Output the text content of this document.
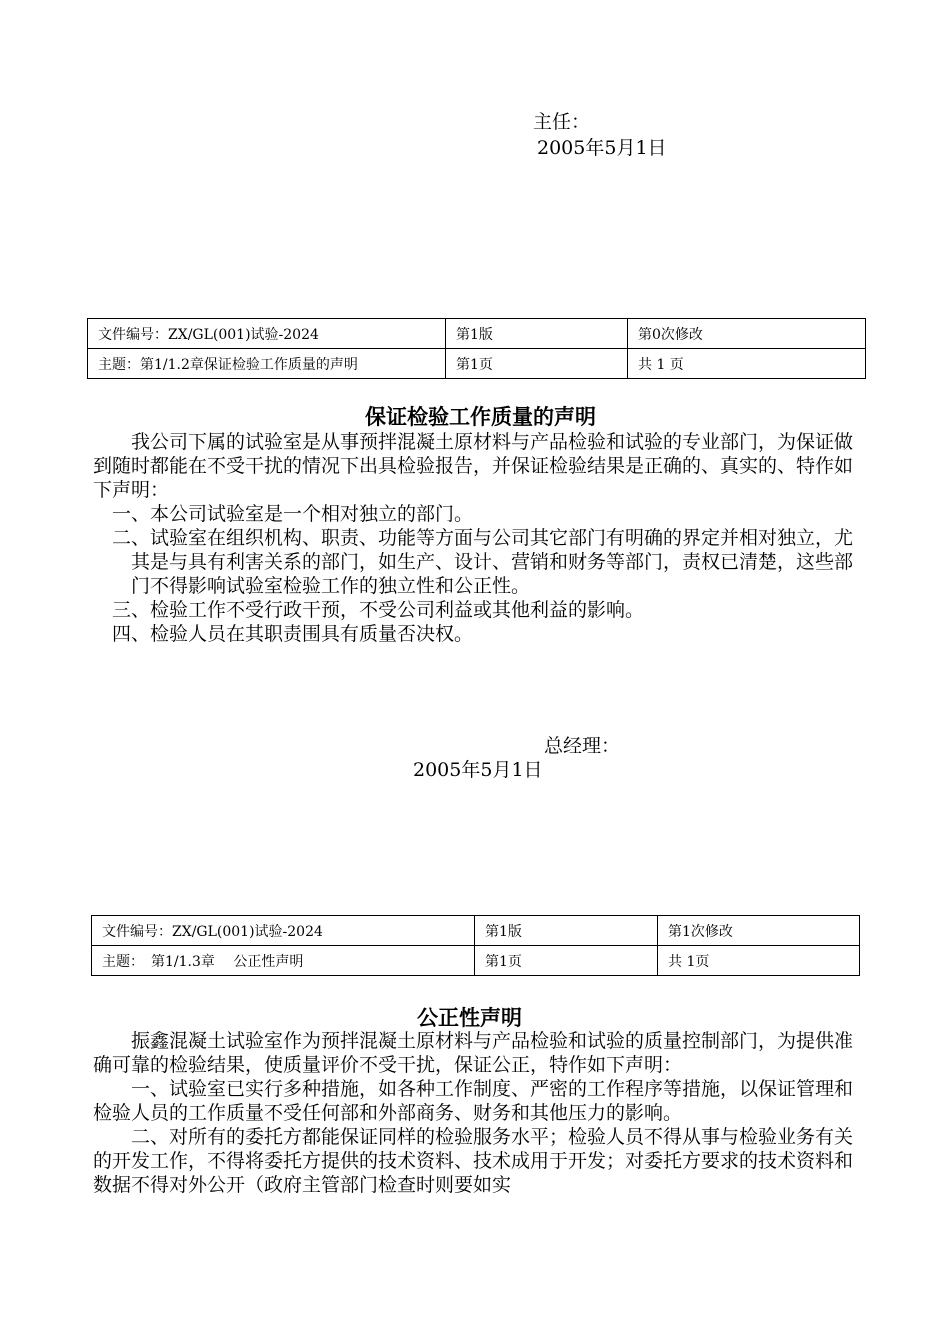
主任：
2005年5月1日
文件编号：ZX/GL(001)试验-2024	第1版	第0次修改
主题：第1/1.2章保证检验工作质量的声明	第1页	共 1 页
保证检验工作质量的声明

我公司下属的试验室是从事预拌混凝土原材料与产品检验和试验的专业部门，为保证做到随时都能在不受干扰的情况下出具检验报告，并保证检验结果是正确的、真实的、特作如下声明：

一、本公司试验室是一个相对独立的部门。

二、试验室在组织机构、职责、功能等方面与公司其它部门有明确的界定并相对独立，尤其是与具有利害关系的部门，如生产、设计、营销和财务等部门，责权已清楚，这些部门不得影响试验室检验工作的独立性和公正性。

三、检验工作不受行政干预，不受公司利益或其他利益的影响。

四、检验人员在其职责围具有质量否决权。

总经理：
2005年5月1日
文件编号：ZX/GL(001)试验-2024	第1版	第1次修改
主题：　第1/1.3章　 公正性声明	第1页	共 1页
公正性声明

振鑫混凝土试验室作为预拌混凝土原材料与产品检验和试验的质量控制部门，为提供准确可靠的检验结果，使质量评价不受干扰，保证公正，特作如下声明：

一、试验室已实行多种措施，如各种工作制度、严密的工作程序等措施，以保证管理和检验人员的工作质量不受任何部和外部商务、财务和其他压力的影响。

二、对所有的委托方都能保证同样的检验服务水平；检验人员不得从事与检验业务有关的开发工作，不得将委托方提供的技术资料、技术成用于开发；对委托方要求的技术资料和数据不得对外公开（政府主管部门检查时则要如实
